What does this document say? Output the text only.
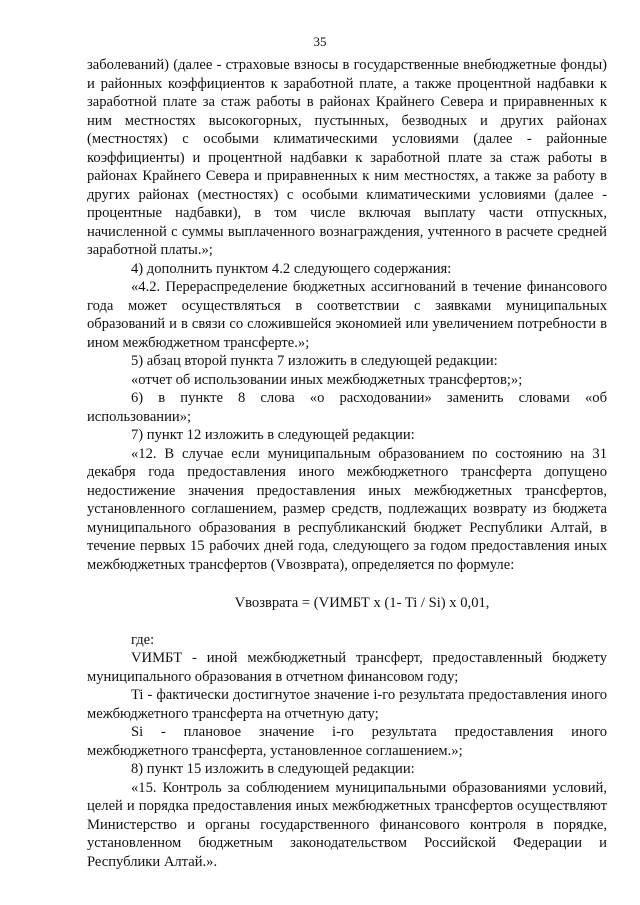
35

заболеваний) (далее - страховые взносы в государственные внебюджетные фонды) и районных коэффициентов к заработной плате, а также процентной надбавки к заработной плате за стаж работы в районах Крайнего Севера и приравненных к ним местностях высокогорных, пустынных, безводных и других районах (местностях) с особыми климатическими условиями (далее - районные коэффициенты) и процентной надбавки к заработной плате за стаж работы в районах Крайнего Севера и приравненных к ним местностях, а также за работу в других районах (местностях) с особыми климатическими условиями (далее - процентные надбавки), в том числе включая выплату части отпускных, начисленной с суммы выплаченного вознаграждения, учтенного в расчете средней заработной платы.»;

4) дополнить пунктом 4.2 следующего содержания:

«4.2. Перераспределение бюджетных ассигнований в течение финансового года может осуществляться в соответствии с заявками муниципальных образований и в связи со сложившейся экономией или увеличением потребности в ином межбюджетном трансферте.»;

5) абзац второй пункта 7 изложить в следующей редакции:

«отчет об использовании иных межбюджетных трансфертов;»;

6) в пункте 8 слова «о расходовании» заменить словами «об использовании»;

7) пункт 12 изложить в следующей редакции:

«12. В случае если муниципальным образованием по состоянию на 31 декабря года предоставления иного межбюджетного трансферта допущено недостижение значения предоставления иных межбюджетных трансфертов, установленного соглашением, размер средств, подлежащих возврату из бюджета муниципального образования в республиканский бюджет Республики Алтай, в течение первых 15 рабочих дней года, следующего за годом предоставления иных межбюджетных трансфертов (Vвозврата), определяется по формуле:

Vвозврата = (VИМБТ x (1- Ti / Si) x 0,01,

где:

VИМБТ - иной межбюджетный трансферт, предоставленный бюджету муниципального образования в отчетном финансовом году;

Ti - фактически достигнутое значение i-го результата предоставления иного межбюджетного трансферта на отчетную дату;

Si - плановое значение i-го результата предоставления иного межбюджетного трансферта, установленное соглашением.»;

8) пункт 15 изложить в следующей редакции:

«15. Контроль за соблюдением муниципальными образованиями условий, целей и порядка предоставления иных межбюджетных трансфертов осуществляют Министерство и органы государственного финансового контроля в порядке, установленном бюджетным законодательством Российской Федерации и Республики Алтай.».
